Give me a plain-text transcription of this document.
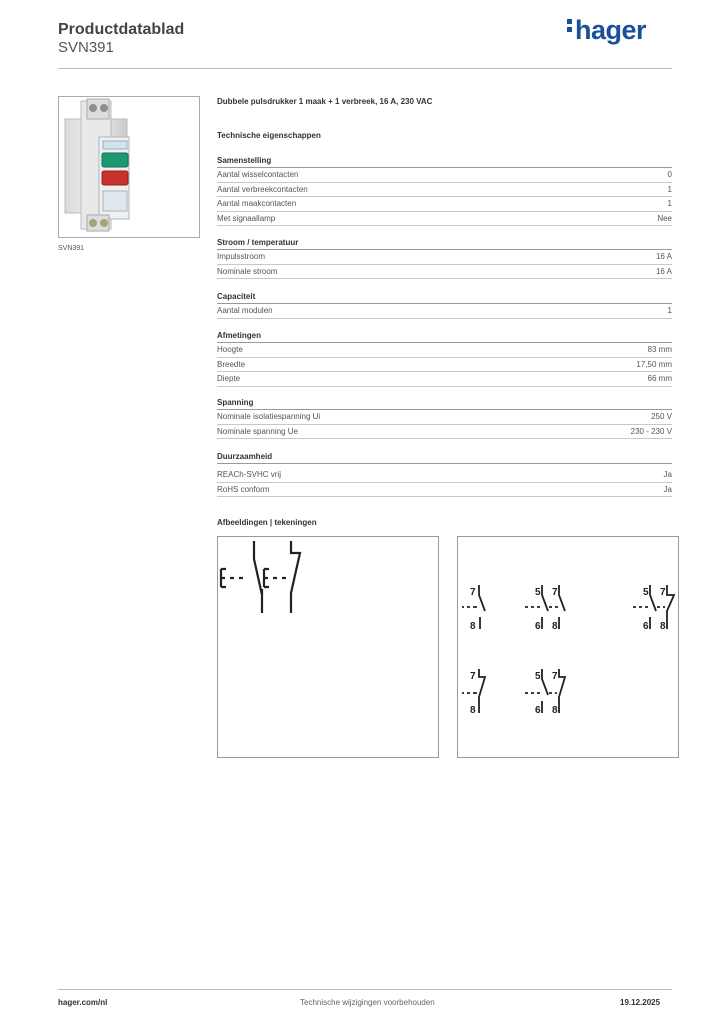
Productdatablad
SVN391
hager
SVN391
Dubbele pulsdrukker 1 maak + 1 verbreek, 16 A, 230 VAC
Technische eigenschappen
Samenstelling
Aantal wisselcontacten	0
Aantal verbreekcontacten	1
Aantal maakcontacten	1
Met signaallamp	Nee
Stroom / temperatuur
Impulsstroom	16 A
Nominale stroom	16 A
Capaciteit
Aantal modulen	1
Afmetingen
Hoogte	83 mm
Breedte	17,50 mm
Diepte	66 mm
Spanning
Nominale isolatiespanning Ui	250 V
Nominale spanning Ue	230 - 230 V
Duurzaamheid
REACh-SVHC vrij	Ja
RoHS conform	Ja
Afbeeldingen | tekeningen
7
8
5 7
6 8
5 7
6 8
7
8
5 7
6 8
hager.com/nl	Technische wijzigingen voorbehouden	19.12.2025
